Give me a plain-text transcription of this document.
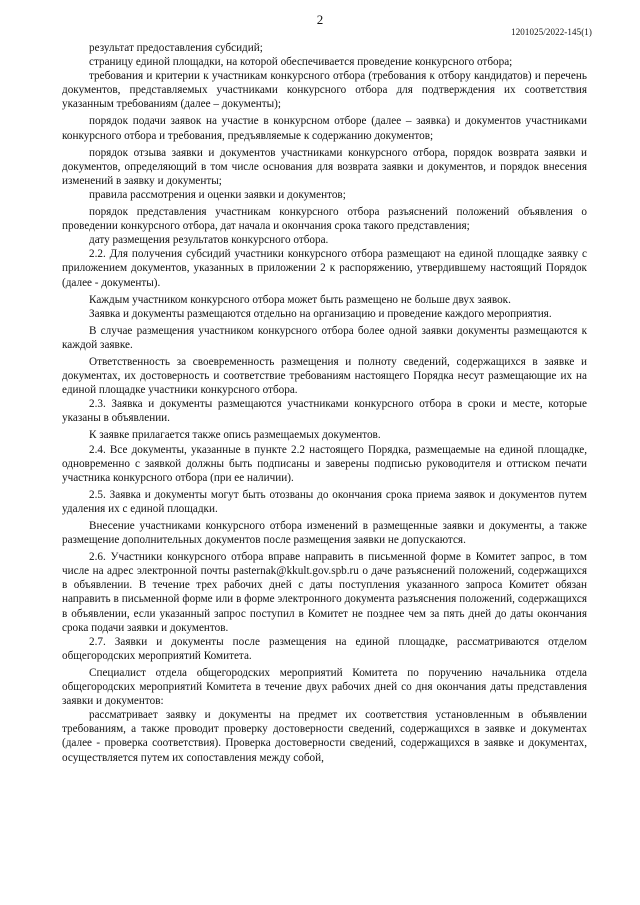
2
1201025/2022-145(1)

результат предоставления субсидий;

страницу единой площадки, на которой обеспечивается проведение конкурсного отбора;

требования и критерии к участникам конкурсного отбора (требования к отбору кандидатов) и перечень документов, представляемых участниками конкурсного отбора для подтверждения их соответствия указанным требованиям (далее – документы);

порядок подачи заявок на участие в конкурсном отборе (далее – заявка) и документов участниками конкурсного отбора и требования, предъявляемые к содержанию документов;

порядок отзыва заявки и документов участниками конкурсного отбора, порядок возврата заявки и документов, определяющий в том числе основания для возврата заявки и документов, и порядок внесения изменений в заявку и документы;

правила рассмотрения и оценки заявки и документов;

порядок представления участникам конкурсного отбора разъяснений положений объявления о проведении конкурсного отбора, дат начала и окончания срока такого представления;

дату размещения результатов конкурсного отбора.

2.2. Для получения субсидий участники конкурсного отбора размещают на единой площадке заявку с приложением документов, указанных в приложении 2 к распоряжению, утвердившему настоящий Порядок (далее - документы).

Каждым участником конкурсного отбора может быть размещено не больше двух заявок.

Заявка и документы размещаются отдельно на организацию и проведение каждого мероприятия.

В случае размещения участником конкурсного отбора более одной заявки документы размещаются к каждой заявке.

Ответственность за своевременность размещения и полноту сведений, содержащихся в заявке и документах, их достоверность и соответствие требованиям настоящего Порядка несут размещающие их на единой площадке участники конкурсного отбора.

2.3. Заявка и документы размещаются участниками конкурсного отбора в сроки и месте, которые указаны в объявлении.

К заявке прилагается также опись размещаемых документов.

2.4. Все документы, указанные в пункте 2.2 настоящего Порядка, размещаемые на единой площадке, одновременно с заявкой должны быть подписаны и заверены подписью руководителя и оттиском печати участника конкурсного отбора (при ее наличии).

2.5. Заявка и документы могут быть отозваны до окончания срока приема заявок и документов путем удаления их с единой площадки.

Внесение участниками конкурсного отбора изменений в размещенные заявки и документы, а также размещение дополнительных документов после размещения заявки не допускаются.

2.6. Участники конкурсного отбора вправе направить в письменной форме в Комитет запрос, в том числе на адрес электронной почты pasternak@kkult.gov.spb.ru о даче разъяснений положений, содержащихся в объявлении. В течение трех рабочих дней с даты поступления указанного запроса Комитет обязан направить в письменной форме или в форме электронного документа разъяснения положений, содержащихся в объявлении, если указанный запрос поступил в Комитет не позднее чем за пять дней до даты окончания срока подачи заявки и документов.

2.7. Заявки и документы после размещения на единой площадке, рассматриваются отделом общегородских мероприятий Комитета.

Специалист отдела общегородских мероприятий Комитета по поручению начальника отдела общегородских мероприятий Комитета в течение двух рабочих дней со дня окончания даты представления заявки и документов:

рассматривает заявку и документы на предмет их соответствия установленным в объявлении требованиям, а также проводит проверку достоверности сведений, содержащихся в заявке и документах (далее - проверка соответствия). Проверка достоверности сведений, содержащихся в заявке и документах, осуществляется путем их сопоставления между собой,
